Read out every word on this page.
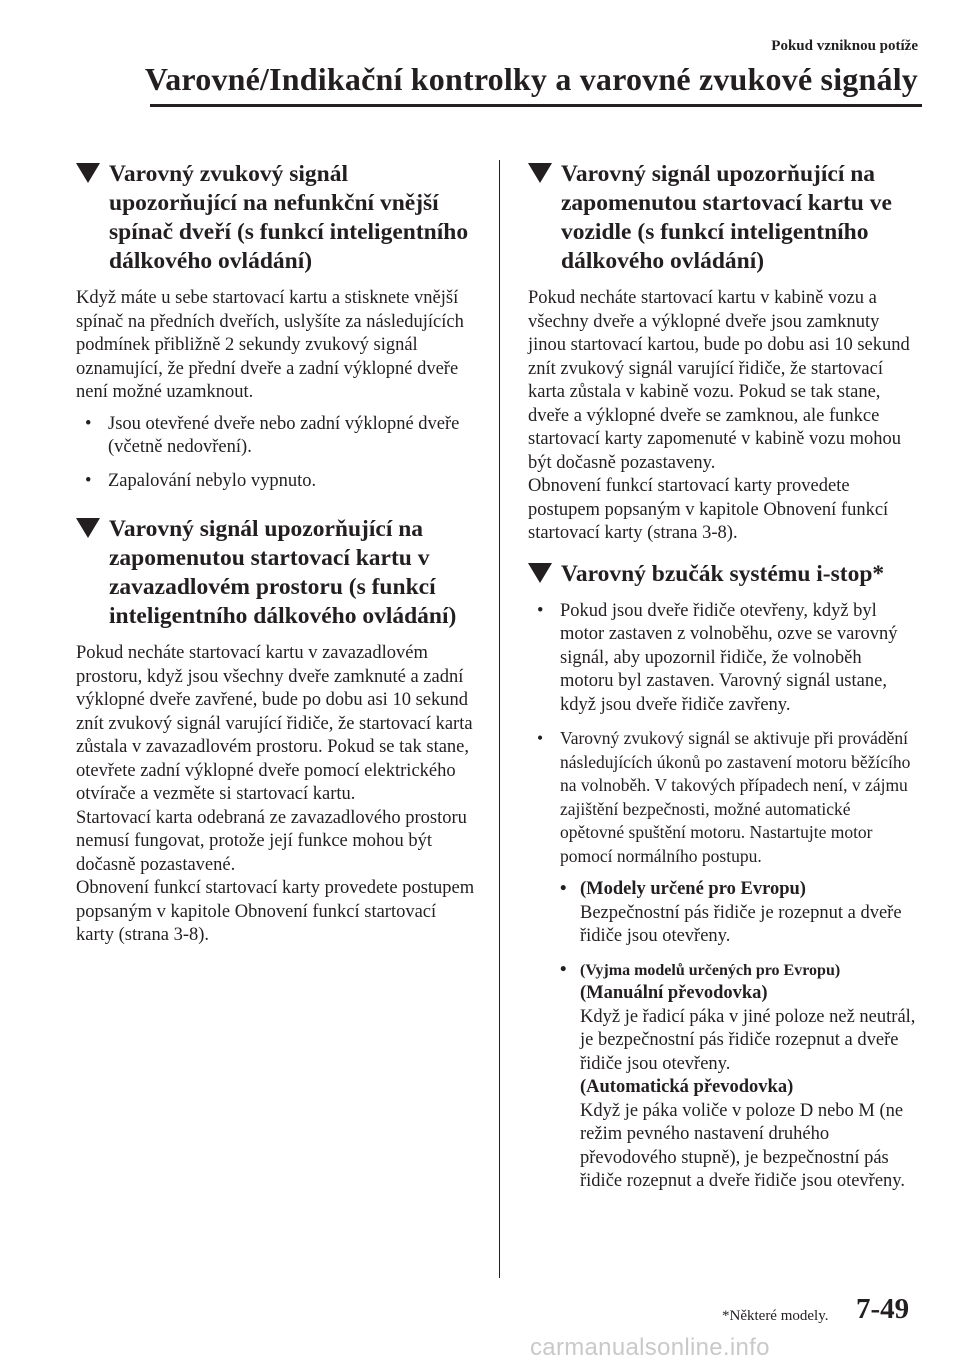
Pokud vzniknou potíže
Varovné/Indikační kontrolky a varovné zvukové signály
Varovný zvukový signál upozorňující na nefunkční vnější spínač dveří (s funkcí inteligentního dálkového ovládání)

Když máte u sebe startovací kartu a stisknete vnější spínač na předních dveřích, uslyšíte za následujících podmínek přibližně 2 sekundy zvukový signál oznamující, že přední dveře a zadní výklopné dveře není možné uzamknout.

• Jsou otevřené dveře nebo zadní výklopné dveře (včetně nedovření).
• Zapalování nebylo vypnuto.
Varovný signál upozorňující na zapomenutou startovací kartu v zavazadlovém prostoru (s funkcí inteligentního dálkového ovládání)

Pokud necháte startovací kartu v zavazadlovém prostoru, když jsou všechny dveře zamknuté a zadní výklopné dveře zavřené, bude po dobu asi 10 sekund znít zvukový signál varující řidiče, že startovací karta zůstala v zavazadlovém prostoru. Pokud se tak stane, otevřete zadní výklopné dveře pomocí elektrického otvírače a vezměte si startovací kartu.

Startovací karta odebraná ze zavazadlového prostoru nemusí fungovat, protože její funkce mohou být dočasně pozastavené.

Obnovení funkcí startovací karty provedete postupem popsaným v kapitole Obnovení funkcí startovací karty (strana 3-8).

Varovný signál upozorňující na zapomenutou startovací kartu ve vozidle (s funkcí inteligentního dálkového ovládání)

Pokud necháte startovací kartu v kabině vozu a všechny dveře a výklopné dveře jsou zamknuty jinou startovací kartou, bude po dobu asi 10 sekund znít zvukový signál varující řidiče, že startovací karta zůstala v kabině vozu. Pokud se tak stane, dveře a výklopné dveře se zamknou, ale funkce startovací karty zapomenuté v kabině vozu mohou být dočasně pozastaveny.

Obnovení funkcí startovací karty provedete postupem popsaným v kapitole Obnovení funkcí startovací karty (strana 3-8).

Varovný bzučák systému i-stop*
• Pokud jsou dveře řidiče otevřeny, když byl motor zastaven z volnoběhu, ozve se varovný signál, aby upozornil řidiče, že volnoběh motoru byl zastaven. Varovný signál ustane, když jsou dveře řidiče zavřeny.
• Varovný zvukový signál se aktivuje při provádění následujících úkonů po zastavení motoru běžícího na volnoběh. V takových případech není, v zájmu zajištění bezpečnosti, možné automatické opětovné spuštění motoru. Nastartujte motor pomocí normálního postupu.
• (Modely určené pro Evropu)
Bezpečnostní pás řidiče je rozepnut a dveře řidiče jsou otevřeny.
• (Vyjma modelů určených pro Evropu)
(Manuální převodovka)
Když je řadicí páka v jiné poloze než neutrál, je bezpečnostní pás řidiče rozepnut a dveře řidiče jsou otevřeny.
(Automatická převodovka)
Když je páka voliče v poloze D nebo M (ne režim pevného nastavení druhého převodového stupně), je bezpečnostní pás řidiče rozepnut a dveře řidiče jsou otevřeny.
*Některé modely. 7-49
carmanualsonline.info
